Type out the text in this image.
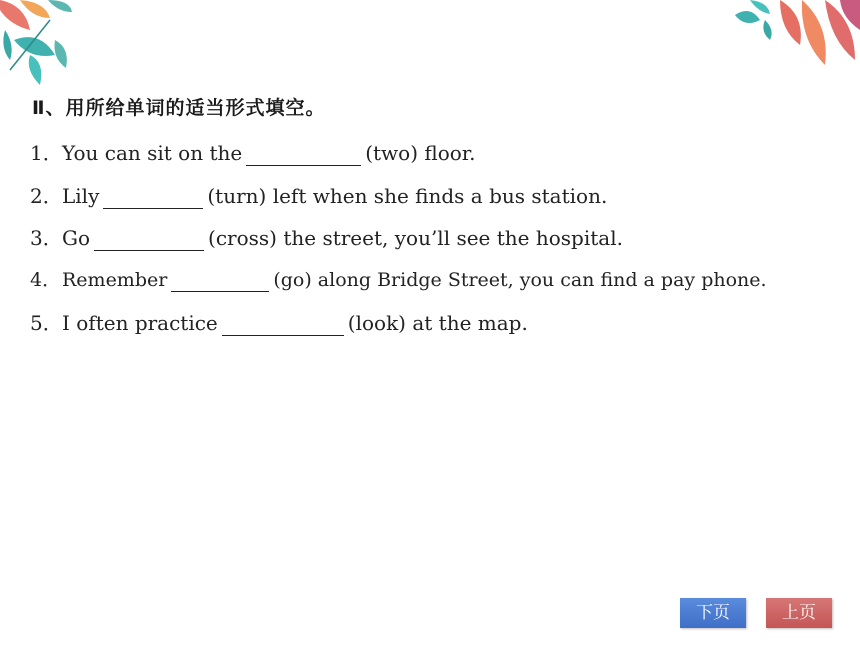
Ⅱ、用所给单词的适当形式填空。
1．You can sit on the	(two) floor.
2．Lily	(turn) left when she finds a bus station.
3．Go	(cross) the street, you’ll see the hospital.
4．Remember	(go) along Bridge Street, you can find a pay phone.
5．I often practice	(look) at the map.
下页	上页
